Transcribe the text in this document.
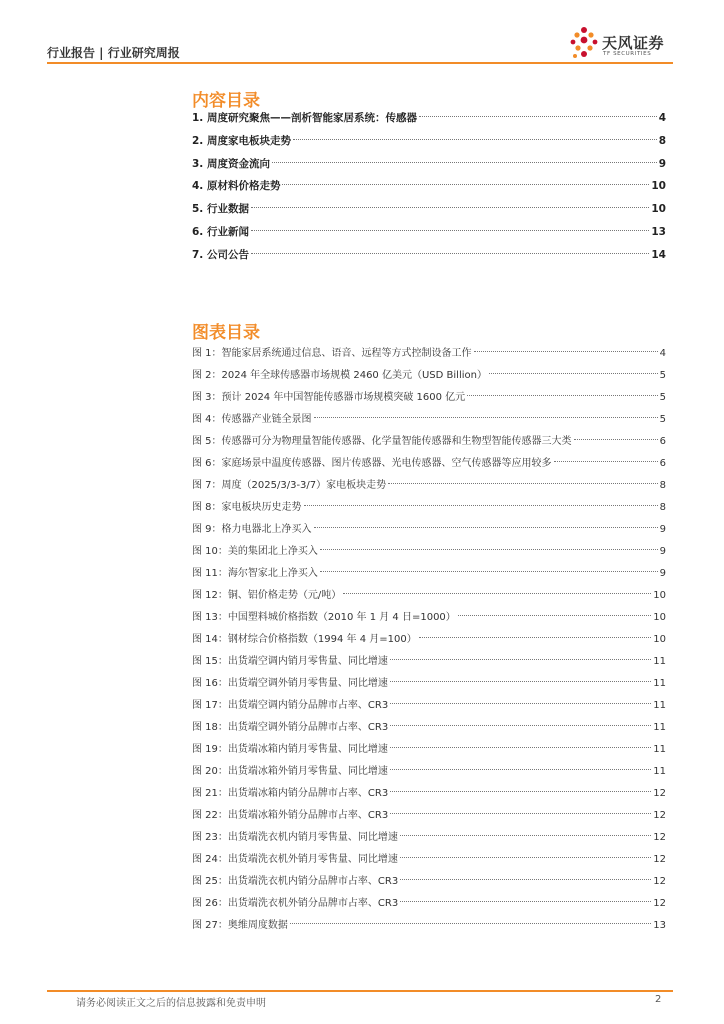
行业报告 | 行业研究周报
天风证券
TF SECURITIES
内容目录
1. 周度研究聚焦——剖析智能家居系统：传感器	4
2. 周度家电板块走势	8
3. 周度资金流向	9
4. 原材料价格走势	10
5. 行业数据	10
6. 行业新闻	13
7. 公司公告	14
图表目录
图 1：智能家居系统通过信息、语音、远程等方式控制设备工作	4
图 2：2024 年全球传感器市场规模 2460 亿美元（USD Billion）	5
图 3：预计 2024 年中国智能传感器市场规模突破 1600 亿元	5
图 4：传感器产业链全景图	5
图 5：传感器可分为物理量智能传感器、化学量智能传感器和生物型智能传感器三大类	6
图 6：家庭场景中温度传感器、图片传感器、光电传感器、空气传感器等应用较多	6
图 7：周度（2025/3/3-3/7）家电板块走势	8
图 8：家电板块历史走势	8
图 9：格力电器北上净买入	9
图 10：美的集团北上净买入	9
图 11：海尔智家北上净买入	9
图 12：铜、铝价格走势（元/吨）	10
图 13：中国塑料城价格指数（2010 年 1 月 4 日=1000）	10
图 14：钢材综合价格指数（1994 年 4 月=100）	10
图 15：出货端空调内销月零售量、同比增速	11
图 16：出货端空调外销月零售量、同比增速	11
图 17：出货端空调内销分品牌市占率、CR3	11
图 18：出货端空调外销分品牌市占率、CR3	11
图 19：出货端冰箱内销月零售量、同比增速	11
图 20：出货端冰箱外销月零售量、同比增速	11
图 21：出货端冰箱内销分品牌市占率、CR3	12
图 22：出货端冰箱外销分品牌市占率、CR3	12
图 23：出货端洗衣机内销月零售量、同比增速	12
图 24：出货端洗衣机外销月零售量、同比增速	12
图 25：出货端洗衣机内销分品牌市占率、CR3	12
图 26：出货端洗衣机外销分品牌市占率、CR3	12
图 27：奥维周度数据	13
请务必阅读正文之后的信息披露和免责申明	2
